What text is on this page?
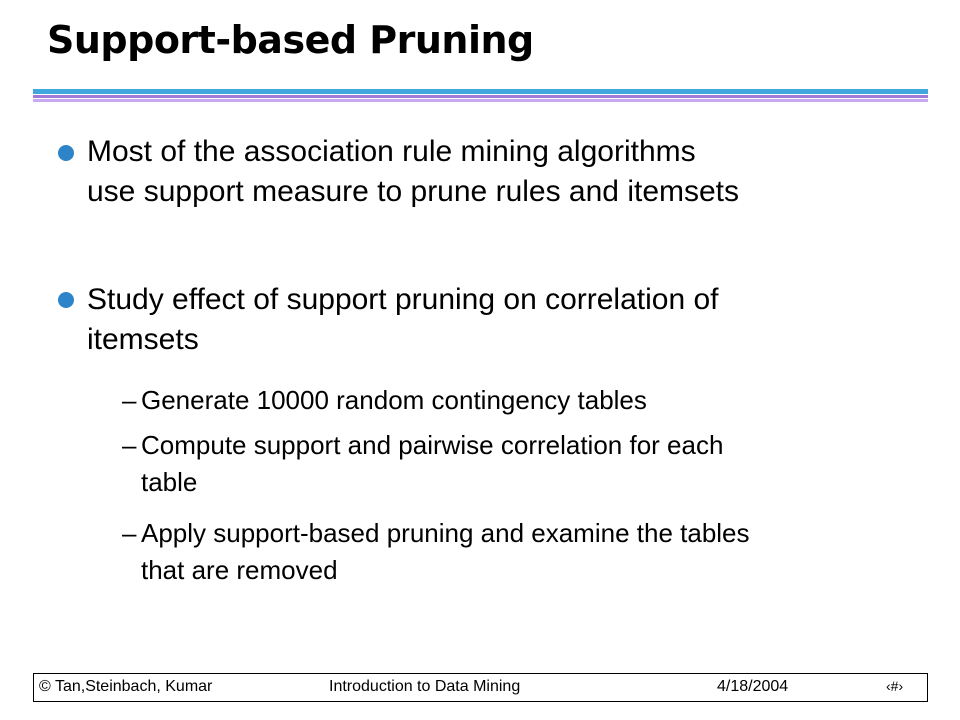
Support-based Pruning
Most of the association rule mining algorithms
use support measure to prune rules and itemsets
Study effect of support pruning on correlation of
itemsets
– Generate 10000 random contingency tables
– Compute support and pairwise correlation for each
table
– Apply support-based pruning and examine the tables
that are removed
© Tan,Steinbach, Kumar	Introduction to Data Mining	4/18/2004	‹#›
